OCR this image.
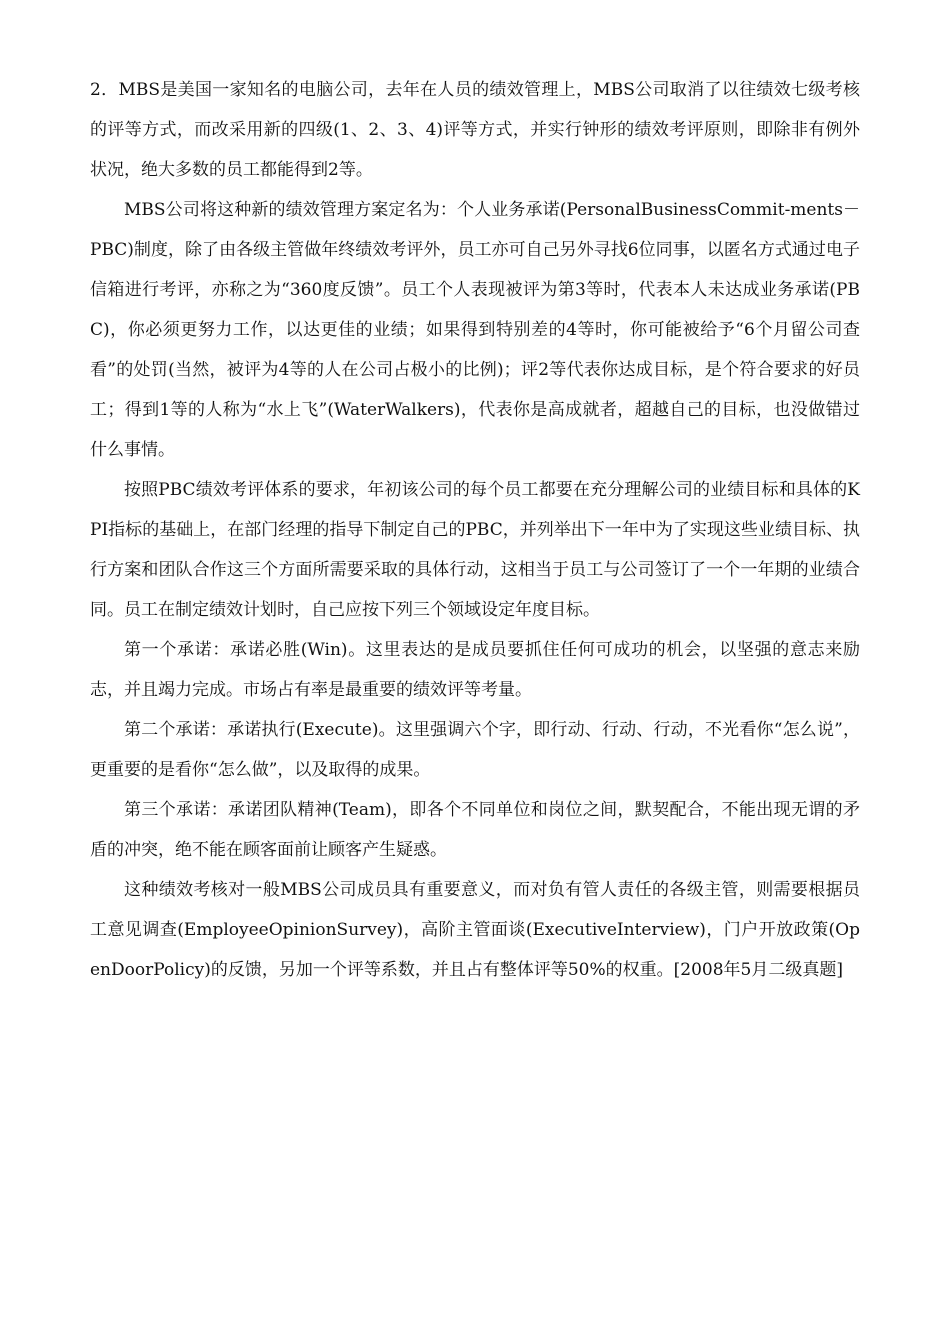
2．MBS是美国一家知名的电脑公司，去年在人员的绩效管理上，MBS公司取消了以往绩效七级考核的评等方式，而改采用新的四级(1、2、3、4)评等方式，并实行钟形的绩效考评原则，即除非有例外状况，绝大多数的员工都能得到2等。

MBS公司将这种新的绩效管理方案定名为：个人业务承诺(PersonalBusinessCommit-ments－PBC)制度，除了由各级主管做年终绩效考评外，员工亦可自己另外寻找6位同事，以匿名方式通过电子信箱进行考评，亦称之为“360度反馈”。员工个人表现被评为第3等时，代表本人未达成业务承诺(PBC)，你必须更努力工作，以达更佳的业绩；如果得到特别差的4等时，你可能被给予“6个月留公司查看”的处罚(当然，被评为4等的人在公司占极小的比例)；评2等代表你达成目标，是个符合要求的好员工；得到1等的人称为“水上飞”(WaterWalkers)，代表你是高成就者，超越自己的目标，也没做错过什么事情。

按照PBC绩效考评体系的要求，年初该公司的每个员工都要在充分理解公司的业绩目标和具体的KPI指标的基础上，在部门经理的指导下制定自己的PBC，并列举出下一年中为了实现这些业绩目标、执行方案和团队合作这三个方面所需要采取的具体行动，这相当于员工与公司签订了一个一年期的业绩合同。员工在制定绩效计划时，自己应按下列三个领域设定年度目标。

第一个承诺：承诺必胜(Win)。这里表达的是成员要抓住任何可成功的机会，以坚强的意志来励志，并且竭力完成。市场占有率是最重要的绩效评等考量。

第二个承诺：承诺执行(Execute)。这里强调六个字，即行动、行动、行动，不光看你“怎么说”，更重要的是看你“怎么做”，以及取得的成果。

第三个承诺：承诺团队精神(Team)，即各个不同单位和岗位之间，默契配合，不能出现无谓的矛盾的冲突，绝不能在顾客面前让顾客产生疑惑。

这种绩效考核对一般MBS公司成员具有重要意义，而对负有管人责任的各级主管，则需要根据员工意见调查(EmployeeOpinionSurvey)，高阶主管面谈(ExecutiveInterview)，门户开放政策(OpenDoorPolicy)的反馈，另加一个评等系数，并且占有整体评等50%的权重。[2008年5月二级真题]
